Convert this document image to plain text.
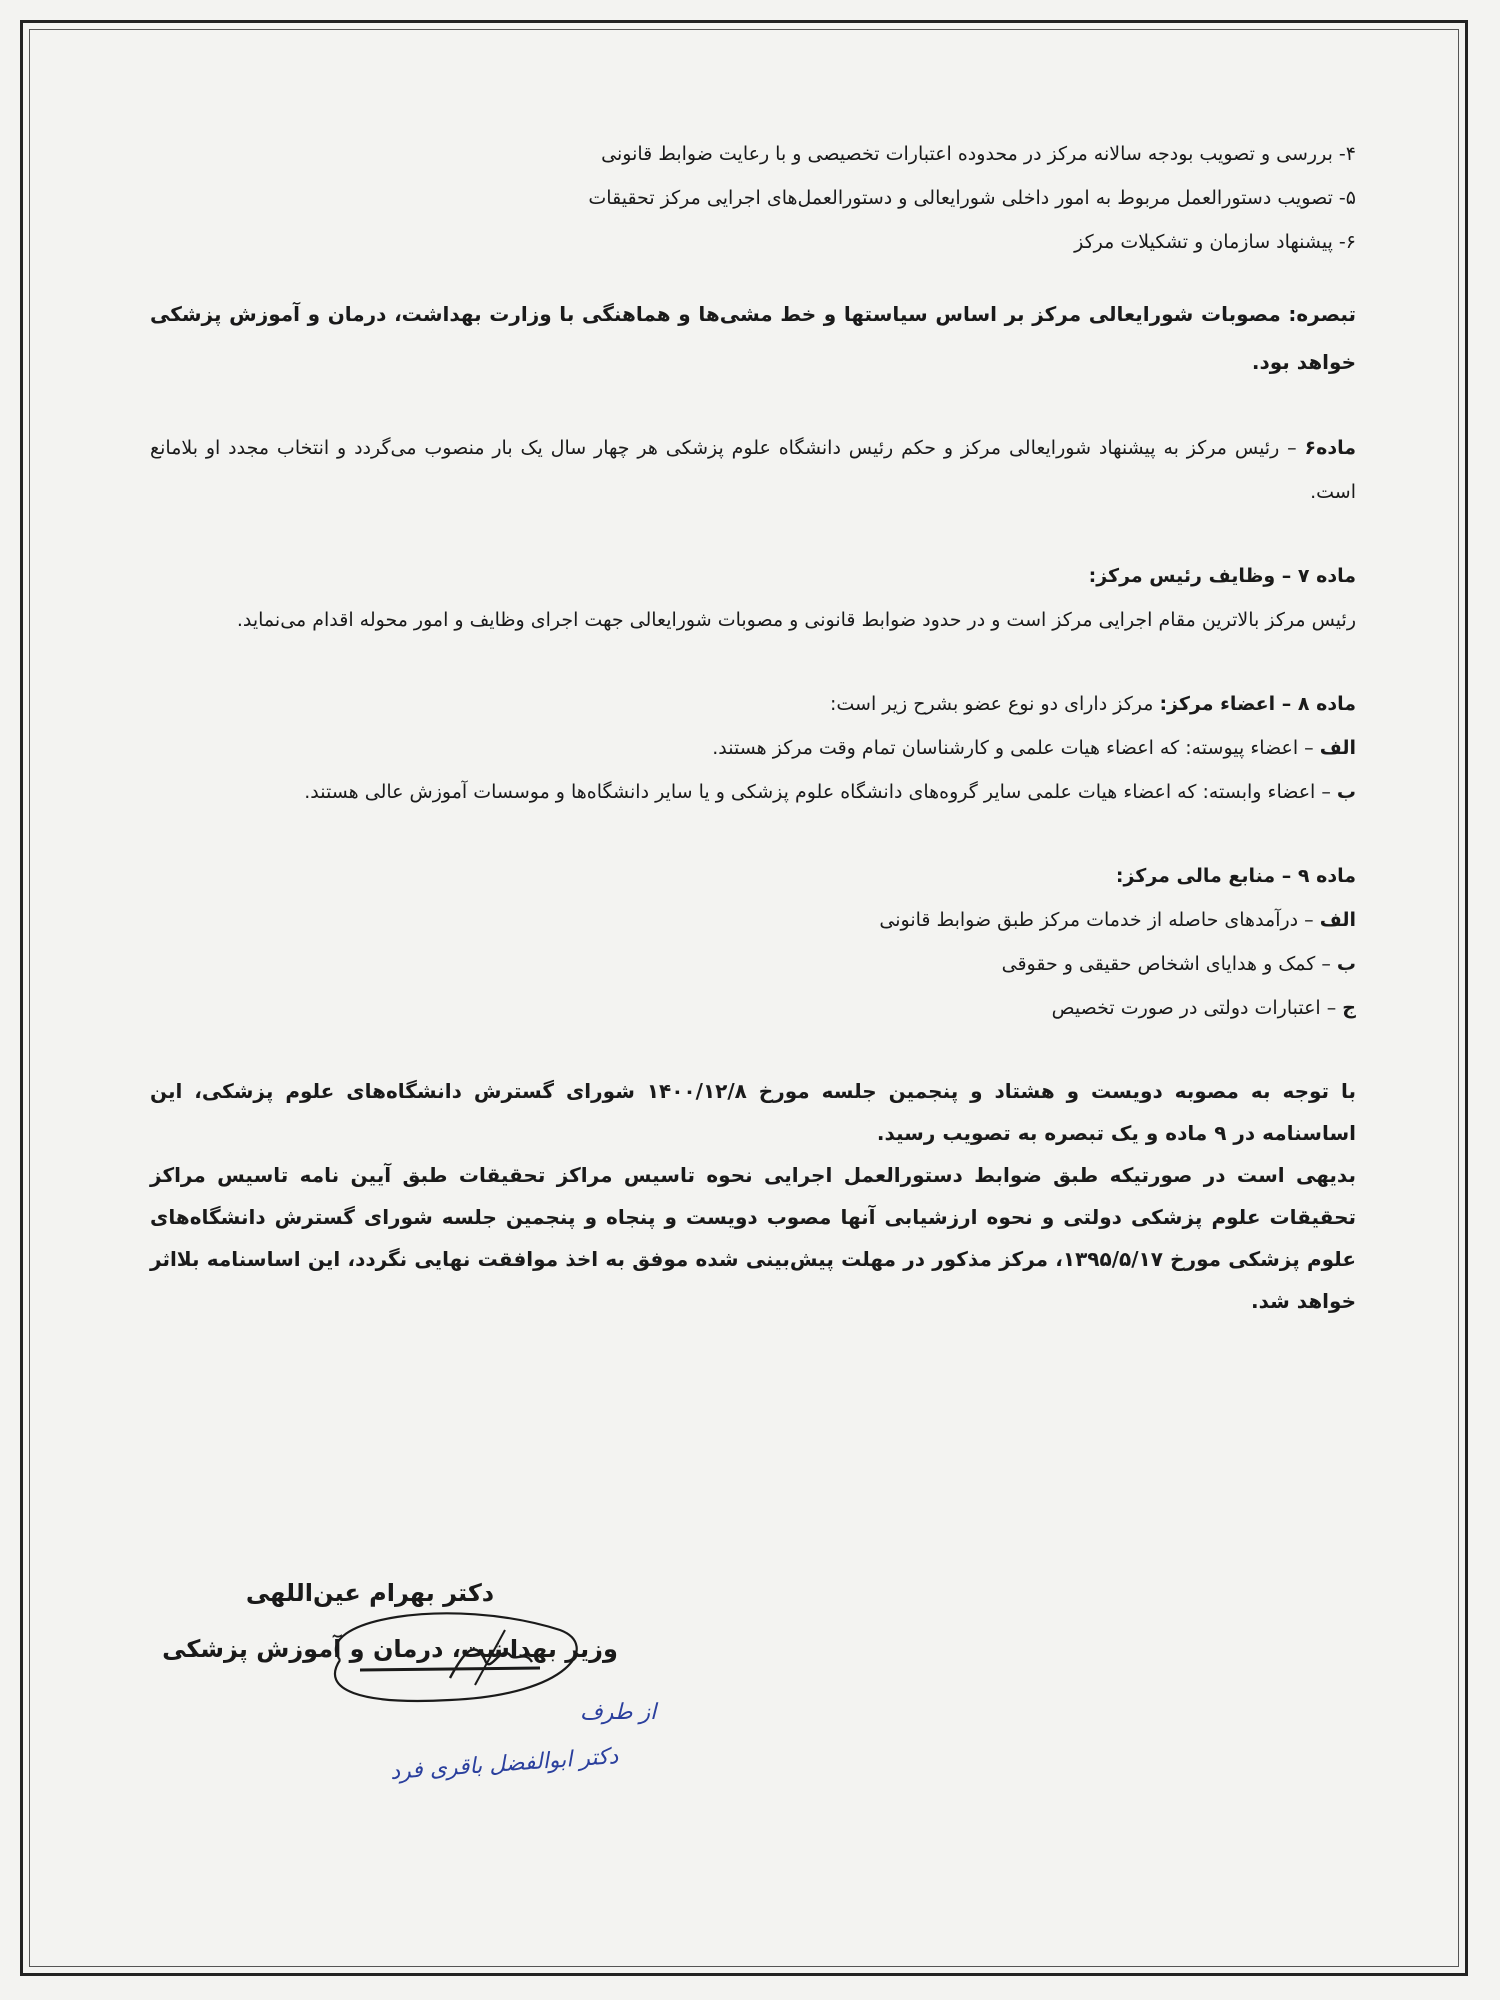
۴- بررسی و تصویب بودجه سالانه مرکز در محدوده اعتبارات تخصیصی و با رعایت ضوابط قانونی

۵- تصویب دستورالعمل مربوط به امور داخلی شورایعالی و دستورالعمل‌های اجرایی مرکز تحقیقات

۶- پیشنهاد سازمان و تشکیلات مرکز

تبصره: مصوبات شورایعالی مرکز بر اساس سیاستها و خط مشی‌ها و هماهنگی با وزارت بهداشت، درمان و آموزش پزشکی خواهد بود.

ماده۶ – رئیس مرکز به پیشنهاد شورایعالی مرکز و حکم رئیس دانشگاه علوم پزشکی هر چهار سال یک بار منصوب می‌گردد و انتخاب مجدد او بلامانع است.

ماده ۷ – وظایف رئیس مرکز:

رئیس مرکز بالاترین مقام اجرایی مرکز است و در حدود ضوابط قانونی و مصوبات شورایعالی جهت اجرای وظایف و امور محوله اقدام می‌نماید.

ماده ۸ – اعضاء مرکز: مرکز دارای دو نوع عضو بشرح زیر است:

الف – اعضاء پیوسته: که اعضاء هیات علمی و کارشناسان تمام وقت مرکز هستند.

ب – اعضاء وابسته: که اعضاء هیات علمی سایر گروه‌های دانشگاه علوم پزشکی و یا سایر دانشگاه‌ها و موسسات آموزش عالی هستند.

ماده ۹ – منابع مالی مرکز:

الف – درآمدهای حاصله از خدمات مرکز طبق ضوابط قانونی

ب – کمک و هدایای اشخاص حقیقی و حقوقی

ج – اعتبارات دولتی در صورت تخصیص

با توجه به مصوبه دویست و هشتاد و پنجمین جلسه مورخ ۱۴۰۰/۱۲/۸ شورای گسترش دانشگاه‌های علوم پزشکی، این اساسنامه در ۹ ماده و یک تبصره به تصویب رسید.

بدیهی است در صورتیکه طبق ضوابط دستورالعمل اجرایی نحوه تاسیس مراکز تحقیقات طبق آیین نامه تاسیس مراکز تحقیقات علوم پزشکی دولتی و نحوه ارزشیابی آنها مصوب دویست و پنجاه و پنجمین جلسه شورای گسترش دانشگاه‌های علوم پزشکی مورخ ۱۳۹۵/۵/۱۷، مرکز مذکور در مهلت پیش‌بینی شده موفق به اخذ موافقت نهایی نگردد، این اساسنامه بلااثر خواهد شد.

دکتر بهرام عین‌اللهی
وزیر بهداشت، درمان و آموزش پزشکی
از طرف
دکتر ابوالفضل باقری فرد
